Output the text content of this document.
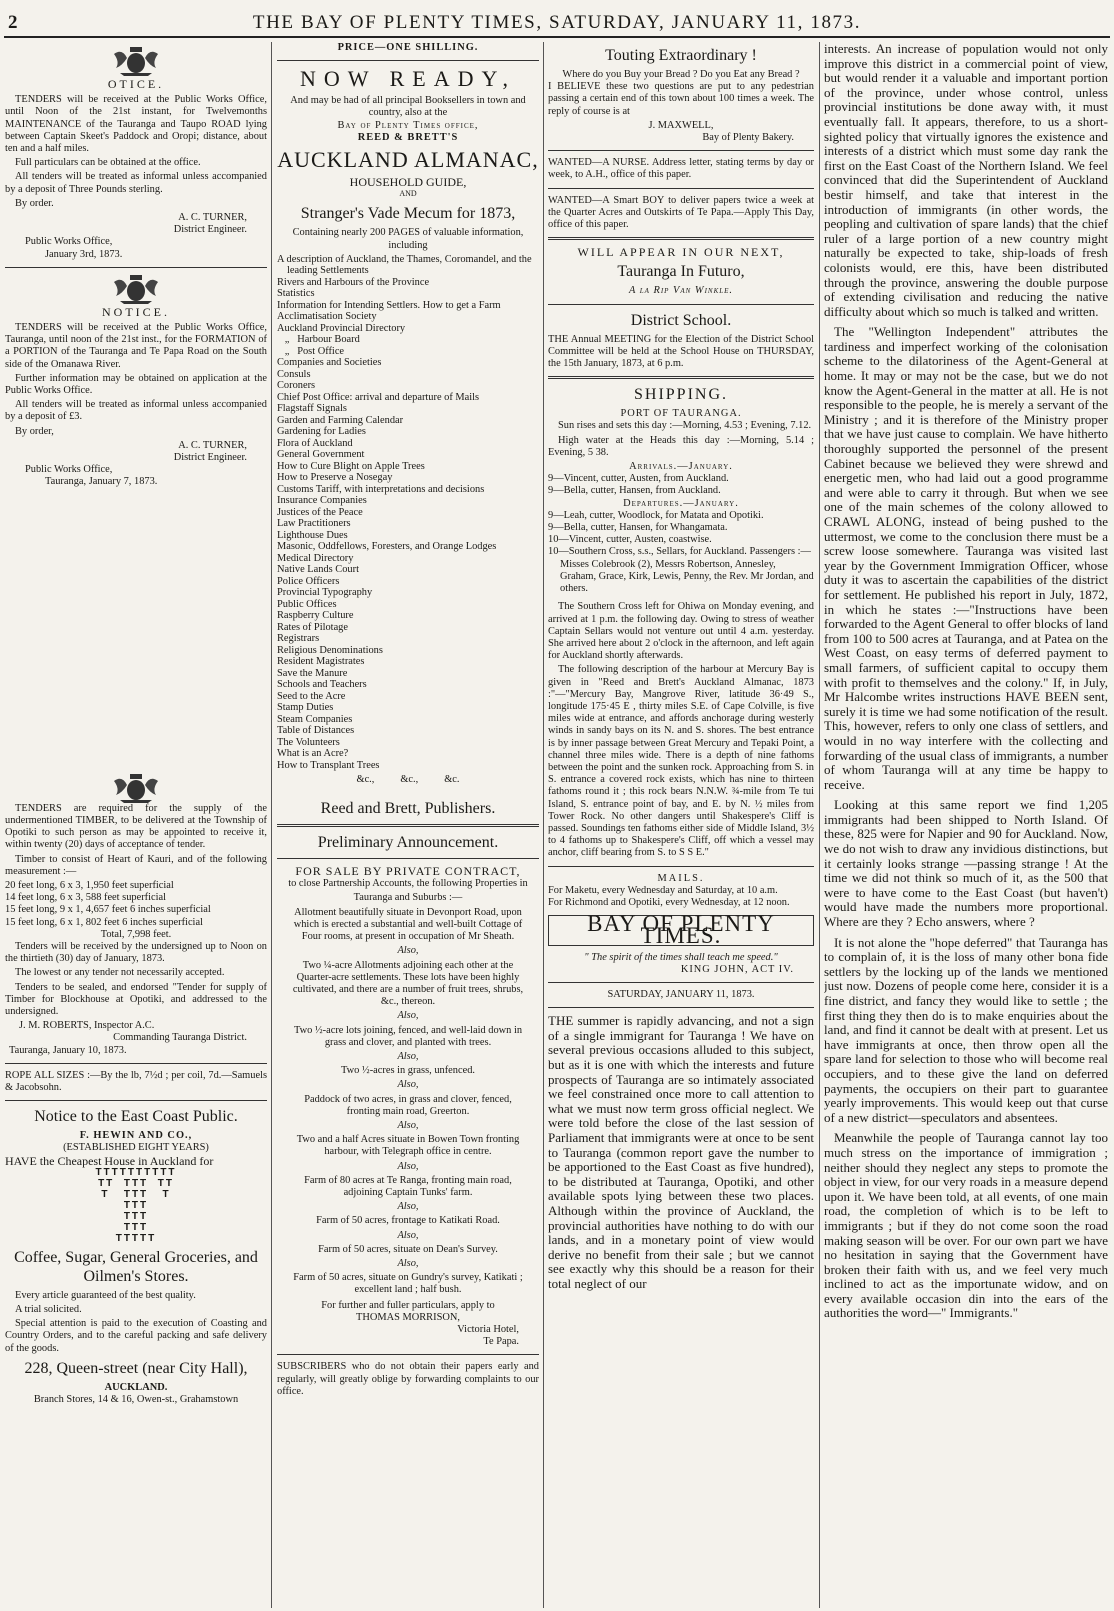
2	THE BAY OF PLENTY TIMES, SATURDAY, JANUARY 11, 1873.
OTICE.

TENDERS will be received at the Public Works Office, until Noon of the 21st instant, for Twelvemonths MAINTENANCE of the Tauranga and Taupo ROAD lying between Captain Skeet's Paddock and Oropi; distance, about ten and a half miles.

Full particulars can be obtained at the office.

All tenders will be treated as informal unless accompanied by a deposit of Three Pounds sterling.

By order.

A. C. TURNER,
District Engineer.
Public Works Office,
January 3rd, 1873.
NOTICE.

TENDERS will be received at the Public Works Office, Tauranga, until noon of the 21st inst., for the FORMATION of a PORTION of the Tauranga and Te Papa Road on the South side of the Omanawa River.

Further information may be obtained on application at the Public Works Office.

All tenders will be treated as informal unless accompanied by a deposit of £3.

By order,

A. C. TURNER,
District Engineer.
Public Works Office,
Tauranga, January 7, 1873.

TENDERS are required for the supply of the undermentioned TIMBER, to be delivered at the Township of Opotiki to such person as may be appointed to receive it, within twenty (20) days of acceptance of tender.

Timber to consist of Heart of Kauri, and of the following measurement :—

20 feet long, 6 x 3, 1,950 feet superficial
14 feet long, 6 x 3, 588 feet superficial
15 feet long, 9 x 1, 4,657 feet 6 inches superficial
15 feet long, 6 x 1, 802 feet 6 inches superficial
Total, 7,998 feet.

Tenders will be received by the undersigned up to Noon on the thirtieth (30) day of January, 1873.

The lowest or any tender not necessarily accepted.

Tenders to be sealed, and endorsed "Tender for supply of Timber for Blockhouse at Opotiki, and addressed to the undersigned.

J. M. ROBERTS, Inspector A.C.
Commanding Tauranga District.
Tauranga, January 10, 1873.

ROPE ALL SIZES :—By the lb, 7½d ; per coil, 7d.—Samuels & Jacobsohn.

Notice to the East Coast Public.
F. HEWIN AND CO.,
(ESTABLISHED EIGHT YEARS)
HAVE the Cheapest House in Auckland for
TTTTTTTTTT
TT  TTT  TT
T   TTT   T
TTT
TTT
TTT
TTTTT
Coffee, Sugar, General Groceries, and Oilmen's Stores.

Every article guaranteed of the best quality.

A trial solicited.

Special attention is paid to the execution of Coasting and Country Orders, and to the careful packing and safe delivery of the goods.

228, Queen-street (near City Hall),
AUCKLAND.
Branch Stores, 14 & 16, Owen-st., Grahamstown
PRICE—ONE SHILLING.
NOW READY,
And may be had of all principal Booksellers in town and country, also at the
Bay of Plenty Times office,
REED & BRETT'S
AUCKLAND ALMANAC,
HOUSEHOLD GUIDE,
AND
Stranger's Vade Mecum for 1873,
Containing nearly 200 PAGES of valuable information, including
A description of Auckland, the Thames, Coromandel, and the leading Settlements
Rivers and Harbours of the Province
Statistics
Information for Intending Settlers. How to get a Farm
Acclimatisation Society
Auckland Provincial Directory
„   Harbour Board
„   Post Office
Companies and Societies
Consuls
Coroners
Chief Post Office: arrival and departure of Mails
Flagstaff Signals
Garden and Farming Calendar
Gardening for Ladies
Flora of Auckland
General Government
How to Cure Blight on Apple Trees
How to Preserve a Nosegay
Customs Tariff, with interpretations and decisions
Insurance Companies
Justices of the Peace
Law Practitioners
Lighthouse Dues
Masonic, Oddfellows, Foresters, and Orange Lodges
Medical Directory
Native Lands Court
Police Officers
Provincial Typography
Public Offices
Raspberry Culture
Rates of Pilotage
Registrars
Religious Denominations
Resident Magistrates
Save the Manure
Schools and Teachers
Seed to the Acre
Stamp Duties
Steam Companies
Table of Distances
The Volunteers
What is an Acre?
How to Transplant Trees
&c.,          &c.,          &c.
Reed and Brett, Publishers.
Preliminary Announcement.
FOR SALE BY PRIVATE CONTRACT,
to close Partnership Accounts, the following Properties in Tauranga and Suburbs :—
Allotment beautifully situate in Devonport Road, upon which is erected a substantial and well-built Cottage of Four rooms, at present in occupation of Mr Sheath.
Also,
Two ¼-acre Allotments adjoining each other at the Quarter-acre settlements. These lots have been highly cultivated, and there are a number of fruit trees, shrubs, &c., thereon.
Also,
Two ½-acre lots joining, fenced, and well-laid down in grass and clover, and planted with trees.
Also,
Two ½-acres in grass, unfenced.
Also,
Paddock of two acres, in grass and clover, fenced, fronting main road, Greerton.
Also,
Two and a half Acres situate in Bowen Town fronting harbour, with Telegraph office in centre.
Also,
Farm of 80 acres at Te Ranga, fronting main road, adjoining Captain Tunks' farm.
Also,
Farm of 50 acres, frontage to Katikati Road.
Also,
Farm of 50 acres, situate on Dean's Survey.
Also,
Farm of 50 acres, situate on Gundry's survey, Katikati ; excellent land ; half bush.
For further and fuller particulars, apply to
THOMAS MORRISON,
Victoria Hotel,
Te Papa.

SUBSCRIBERS who do not obtain their papers early and regularly, will greatly oblige by forwarding complaints to our office.

Touting Extraordinary !
Where do you Buy your Bread ? Do you Eat any Bread ?

I BELIEVE these two questions are put to any pedestrian passing a certain end of this town about 100 times a week. The reply of course is at

J. MAXWELL,
Bay of Plenty Bakery.

WANTED—A NURSE. Address letter, stating terms by day or week, to A.H., office of this paper.

WANTED—A Smart BOY to deliver papers twice a week at the Quarter Acres and Outskirts of Te Papa.—Apply This Day, office of this paper.

WILL APPEAR IN OUR NEXT,
Tauranga In Futuro,
A la Rip Van Winkle.
District School.

THE Annual MEETING for the Election of the District School Committee will be held at the School House on THURSDAY, the 15th January, 1873, at 6 p.m.

SHIPPING.
PORT OF TAURANGA.

Sun rises and sets this day :—Morning, 4.53 ; Evening, 7.12.

High water at the Heads this day :—Morning, 5.14 ; Evening, 5 38.

Arrivals.—January.
9—Vincent, cutter, Austen, from Auckland.
9—Bella, cutter, Hansen, from Auckland.
Departures.—January.
9—Leah, cutter, Woodlock, for Matata and Opotiki.
9—Bella, cutter, Hansen, for Whangamata.
10—Vincent, cutter, Austen, coastwise.
10—Southern Cross, s.s., Sellars, for Auckland. Passengers :—Misses Colebrook (2), Messrs Robertson, Annesley, Graham, Grace, Kirk, Lewis, Penny, the Rev. Mr Jordan, and others.

The Southern Cross left for Ohiwa on Monday evening, and arrived at 1 p.m. the following day. Owing to stress of weather Captain Sellars would not venture out until 4 a.m. yesterday. She arrived here about 2 o'clock in the afternoon, and left again for Auckland shortly afterwards.

The following description of the harbour at Mercury Bay is given in "Reed and Brett's Auckland Almanac, 1873 :"—"Mercury Bay, Mangrove River, latitude 36·49 S., longitude 175·45 E , thirty miles S.E. of Cape Colville, is five miles wide at entrance, and affords anchorage during westerly winds in sandy bays on its N. and S. shores. The best entrance is by inner passage between Great Mercury and Tepaki Point, a channel three miles wide. There is a depth of nine fathoms between the point and the sunken rock. Approaching from S. in S. entrance a covered rock exists, which has nine to thirteen fathoms round it ; this rock bears N.N.W. ¾-mile from Te tui Island, S. entrance point of bay, and E. by N. ½ miles from Tower Rock. No other dangers until Shakespere's Cliff is passed. Soundings ten fathoms either side of Middle Island, 3½ to 4 fathoms up to Shakespere's Cliff, off which a vessel may anchor, cliff bearing from S. to S S E."

MAILS.
For Maketu, every Wednesday and Saturday, at 10 a.m.
For Richmond and Opotiki, every Wednesday, at 12 noon.
BAY OF PLENTY TIMES.
" The spirit of the times shall teach me speed."
KING JOHN, ACT IV.
SATURDAY, JANUARY 11, 1873.

THE summer is rapidly advancing, and not a sign of a single immigrant for Tauranga ! We have on several previous occasions alluded to this subject, but as it is one with which the interests and future prospects of Tauranga are so intimately associated we feel constrained once more to call attention to what we must now term gross official neglect. We were told before the close of the last session of Parliament that immigrants were at once to be sent to Tauranga (common report gave the number to be apportioned to the East Coast as five hundred), to be distributed at Tauranga, Opotiki, and other available spots lying between these two places. Although within the province of Auckland, the provincial authorities have nothing to do with our lands, and in a monetary point of view would derive no benefit from their sale ; but we cannot see exactly why this should be a reason for their total neglect of our

interests. An increase of population would not only improve this district in a commercial point of view, but would render it a valuable and important portion of the province, under whose control, unless provincial institutions be done away with, it must eventually fall. It appears, therefore, to us a short-sighted policy that virtually ignores the existence and interests of a district which must some day rank the first on the East Coast of the Northern Island. We feel convinced that did the Superintendent of Auckland bestir himself, and take that interest in the introduction of immigrants (in other words, the peopling and cultivation of spare lands) that the chief ruler of a large portion of a new country might naturally be expected to take, ship-loads of fresh colonists would, ere this, have been distributed through the province, answering the double purpose of extending civilisation and reducing the native difficulty about which so much is talked and written.

The "Wellington Independent" attributes the tardiness and imperfect working of the colonisation scheme to the dilatoriness of the Agent-General at home. It may or may not be the case, but we do not know the Agent-General in the matter at all. He is not responsible to the people, he is merely a servant of the Ministry ; and it is therefore of the Ministry proper that we have just cause to complain. We have hitherto thoroughly supported the personnel of the present Cabinet because we believed they were shrewd and energetic men, who had laid out a good programme and were able to carry it through. But when we see one of the main schemes of the colony allowed to CRAWL ALONG, instead of being pushed to the uttermost, we come to the conclusion there must be a screw loose somewhere. Tauranga was visited last year by the Government Immigration Officer, whose duty it was to ascertain the capabilities of the district for settlement. He published his report in July, 1872, in which he states :—"Instructions have been forwarded to the Agent General to offer blocks of land from 100 to 500 acres at Tauranga, and at Patea on the West Coast, on easy terms of deferred payment to small farmers, of sufficient capital to occupy them with profit to themselves and the colony." If, in July, Mr Halcombe writes instructions HAVE BEEN sent, surely it is time we had some notification of the result. This, however, refers to only one class of settlers, and would in no way interfere with the collecting and forwarding of the usual class of immigrants, a number of whom Tauranga will at any time be happy to receive.

Looking at this same report we find 1,205 immigrants had been shipped to North Island. Of these, 825 were for Napier and 90 for Auckland. Now, we do not wish to draw any invidious distinctions, but it certainly looks strange —passing strange ! At the time we did not think so much of it, as the 500 that were to have come to the East Coast (but haven't) would have made the numbers more proportional. Where are they ? Echo answers, where ?

It is not alone the "hope deferred" that Tauranga has to complain of, it is the loss of many other bona fide settlers by the locking up of the lands we mentioned just now. Dozens of people come here, consider it is a fine district, and fancy they would like to settle ; the first thing they then do is to make enquiries about the land, and find it cannot be dealt with at present. Let us have immigrants at once, then throw open all the spare land for selection to those who will become real occupiers, and to these give the land on deferred payments, the occupiers on their part to guarantee yearly improvements. This would keep out that curse of a new district—speculators and absentees.

Meanwhile the people of Tauranga cannot lay too much stress on the importance of immigration ; neither should they neglect any steps to promote the object in view, for our very roads in a measure depend upon it. We have been told, at all events, of one main road, the completion of which is to be left to immigrants ; but if they do not come soon the road making season will be over. For our own part we have no hesitation in saying that the Government have broken their faith with us, and we feel very much inclined to act as the importunate widow, and on every available occasion din into the ears of the authorities the word—" Immigrants."
